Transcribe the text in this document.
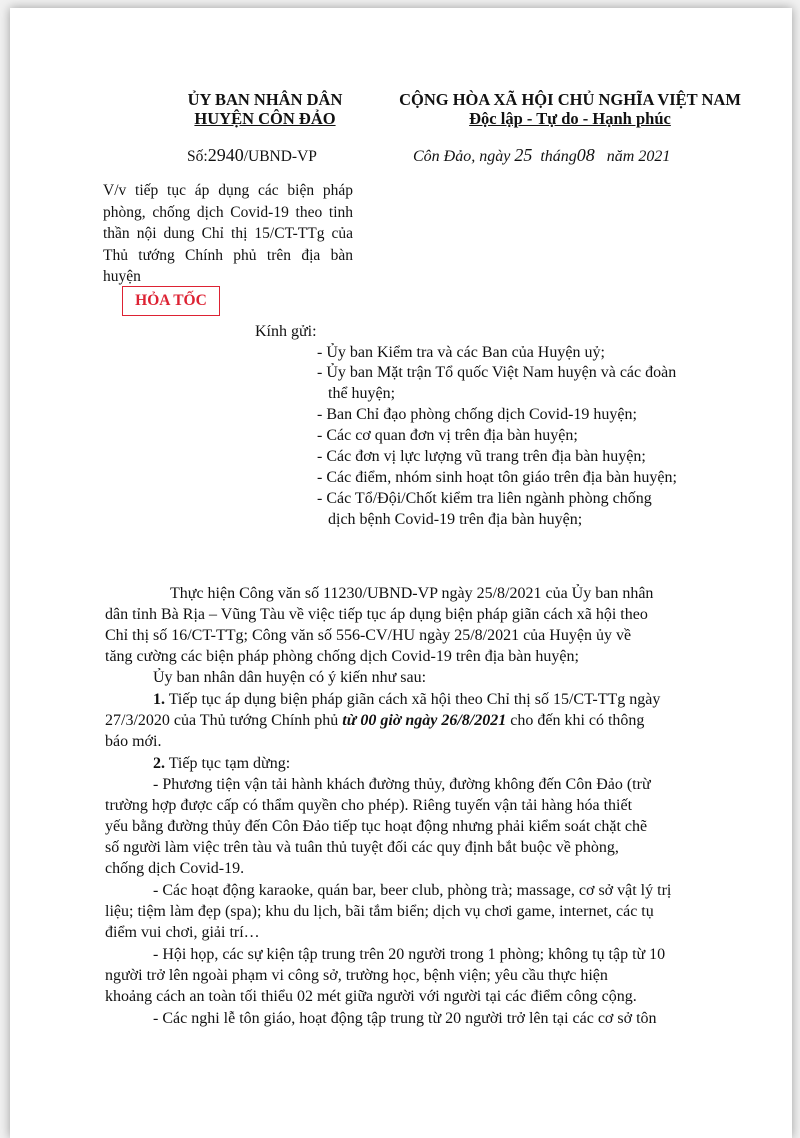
ỦY BAN NHÂN DÂN
HUYỆN CÔN ĐẢO
CỘNG HÒA XÃ HỘI CHỦ NGHĨA VIỆT NAM
Độc lập - Tự do - Hạnh phúc
Số:2940/UBND-VP	Côn Đảo, ngày 25 tháng08 năm 2021
V/v tiếp tục áp dụng các biện pháp phòng, chống dịch Covid-19 theo tinh thần nội dung Chỉ thị 15/CT-TTg của Thủ tướng Chính phủ trên địa bàn huyện
HỎA TỐC
Kính gửi:
- Ủy ban Kiểm tra và các Ban của Huyện uỷ;
- Ủy ban Mặt trận Tổ quốc Việt Nam huyện và các đoàn
thể huyện;
- Ban Chỉ đạo phòng chống dịch Covid-19 huyện;
- Các cơ quan đơn vị trên địa bàn huyện;
- Các đơn vị lực lượng vũ trang trên địa bàn huyện;
- Các điểm, nhóm sinh hoạt tôn giáo trên địa bàn huyện;
- Các Tổ/Đội/Chốt kiểm tra liên ngành phòng chống
dịch bệnh Covid-19 trên địa bàn huyện;
Thực hiện Công văn số 11230/UBND-VP ngày 25/8/2021 của Ủy ban nhân
dân tỉnh Bà Rịa – Vũng Tàu về việc tiếp tục áp dụng biện pháp giãn cách xã hội theo
Chỉ thị số 16/CT-TTg; Công văn số 556-CV/HU ngày 25/8/2021 của Huyện ủy về
tăng cường các biện pháp phòng chống dịch Covid-19 trên địa bàn huyện;
Ủy ban nhân dân huyện có ý kiến như sau:
1. Tiếp tục áp dụng biện pháp giãn cách xã hội theo Chỉ thị số 15/CT-TTg ngày
27/3/2020 của Thủ tướng Chính phủ từ 00 giờ ngày 26/8/2021 cho đến khi có thông
báo mới.
2. Tiếp tục tạm dừng:
- Phương tiện vận tải hành khách đường thủy, đường không đến Côn Đảo (trừ
trường hợp được cấp có thẩm quyền cho phép). Riêng tuyến vận tải hàng hóa thiết
yếu bằng đường thủy đến Côn Đảo tiếp tục hoạt động nhưng phải kiểm soát chặt chẽ
số người làm việc trên tàu và tuân thủ tuyệt đối các quy định bắt buộc về phòng,
chống dịch Covid-19.
- Các hoạt động karaoke, quán bar, beer club, phòng trà; massage, cơ sở vật lý trị
liệu; tiệm làm đẹp (spa); khu du lịch, bãi tắm biển; dịch vụ chơi game, internet, các tụ
điểm vui chơi, giải trí…
- Hội họp, các sự kiện tập trung trên 20 người trong 1 phòng; không tụ tập từ 10
người trở lên ngoài phạm vi công sở, trường học, bệnh viện; yêu cầu thực hiện
khoảng cách an toàn tối thiểu 02 mét giữa người với người tại các điểm công cộng.
- Các nghi lễ tôn giáo, hoạt động tập trung từ 20 người trở lên tại các cơ sở tôn
